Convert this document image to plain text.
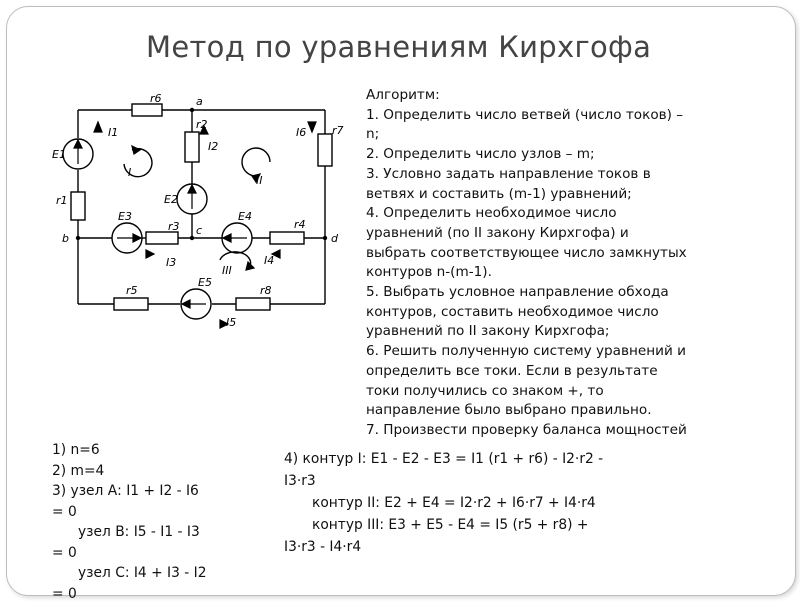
Метод по уравнениям Кирхгофа
a
b
c
d
E1
E2
E3	E4
E5
r1
r2
r3	r4
r5
r6
r7
r8
I1
I2
I3	I4
I5
I6
I
II
III
Алгоритм:
1. Определить число ветвей (число токов) –
n;
2. Определить число узлов – m;
3. Условно задать направление токов в
ветвях и составить (m-1) уравнений;
4. Определить необходимое число
уравнений (по II закону Кирхгофа) и
выбрать соответствующее число замкнутых
контуров n-(m-1).
5. Выбрать условное направление обхода
контуров, составить необходимое число
уравнений по II закону Кирхгофа;
6. Решить полученную систему уравнений и
определить все токи. Если в результате
токи получились со знаком +, то
направление было выбрано правильно.
7. Произвести проверку баланса мощностей
1) n=6
2) m=4
3) узел А: I1 + I2 - I6
= 0
узел В: I5 - I1 - I3
= 0
узел С: I4 + I3 - I2
= 0
4) контур I: E1 - E2 - E3 = I1 (r1 + r6) - I2·r2 -
I3·r3
контур II: E2 + E4 = I2·r2 + I6·r7 + I4·r4
контур III: E3 + E5 - E4 = I5 (r5 + r8) +
I3·r3 - I4·r4
